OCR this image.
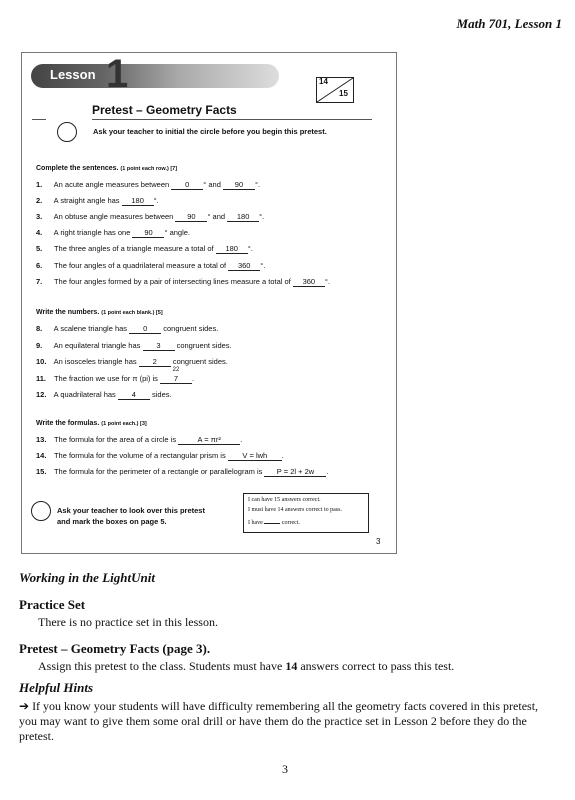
Math 701, Lesson 1
Lesson 1	14
15
Pretest – Geometry Facts
Ask your teacher to initial the circle before you begin this pretest.
Complete the sentences. (1 point each row.) [7]
1. An acute angle measures between 0 ° and 90 °.
2. A straight angle has 180 °.
3. An obtuse angle measures between 90 ° and 180 °.
4. A right triangle has one 90 ° angle.
5. The three angles of a triangle measure a total of 180 °.
6. The four angles of a quadrilateral measure a total of 360 °.
7. The four angles formed by a pair of intersecting lines measure a total of 360 °.
Write the numbers. (1 point each blank.) [5]
8. A scalene triangle has 0 congruent sides.
9. An equilateral triangle has 3 congruent sides.
10. An isosceles triangle has 2 congruent sides.
11. The fraction we use for π (pi) is
22
7 .
12. A quadrilateral has 4 sides.
Write the formulas. (1 point each.) [3]
13. The formula for the area of a circle is	A = πr²	.
14. The formula for the volume of a rectangular prism is V = lwh .
15. The formula for the perimeter of a rectangle or parallelogram is P = 2l + 2w .
Ask your teacher to look over this pretest
and mark the boxes on page 5.
I can have 15 answers correct.
I must have 14 answers correct to pass.
I have	correct.
3
Working in the LightUnit
Practice Set
There is no practice set in this lesson.
Pretest – Geometry Facts (page 3).
Assign this pretest to the class. Students must have 14 answers correct to pass this test.
Helpful Hints
➔ If you know your students will have difficulty remembering all the geometry facts covered in this pretest,
you may want to give them some oral drill or have them do the practice set in Lesson 2 before they do the
pretest.
3
